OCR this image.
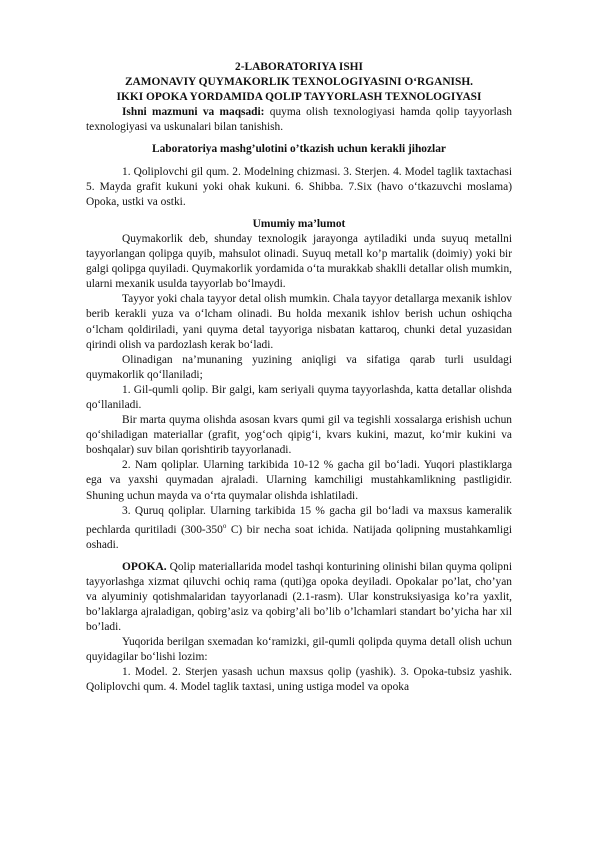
2-LABORATORIYA ISHI

ZAMONAVIY QUYMAKORLIK TEXNOLOGIYASINI O‘RGANISH.

IKKI OPOKA YORDAMIDA QOLIP TAYYORLASH TEXNOLOGIYASI

Ishni mazmuni va maqsadi: quyma olish texnologiyasi hamda qolip tayyorlash texnologiyasi va uskunalari bilan tanishish.

Laboratoriya mashg’ulotini o’tkazish uchun kerakli jihozlar

1. Qoliplovchi gil qum. 2. Modelning chizmasi. 3. Sterjen. 4. Model taglik taxtachasi 5. Mayda grafit kukuni yoki ohak kukuni. 6. Shibba. 7.Six (havo o‘tkazuvchi moslama) Opoka, ustki va ostki.

Umumiy ma’lumot

Quymakorlik deb, shunday texnologik jarayonga aytiladiki unda suyuq metallni tayyorlangan qolipga quyib, mahsulot olinadi. Suyuq metall ko’p martalik (doimiy) yoki bir galgi qolipga quyiladi. Quymakorlik yordamida o‘ta murakkab shaklli detallar olish mumkin, ularni mexanik usulda tayyorlab bo‘lmaydi.

Tayyor yoki chala tayyor detal olish mumkin. Chala tayyor detallarga mexanik ishlov berib kerakli yuza va o‘lcham olinadi. Bu holda mexanik ishlov berish uchun oshiqcha o‘lcham qoldiriladi, yani quyma detal tayyoriga nisbatan kattaroq, chunki detal yuzasidan qirindi olish va pardozlash kerak bo‘ladi.

Olinadigan na’munaning yuzining aniqligi va sifatiga qarab turli usuldagi quymakorlik qo‘llaniladi;

1. Gil-qumli qolip. Bir galgi, kam seriyali quyma tayyorlashda, katta detallar olishda qo‘llaniladi.

Bir marta quyma olishda asosan kvars qumi gil va tegishli xossalarga erishish uchun qo‘shiladigan materiallar (grafit, yog‘och qipig‘i, kvars kukini, mazut, ko‘mir kukini va boshqalar) suv bilan qorishtirib tayyorlanadi.

2. Nam qoliplar. Ularning tarkibida 10-12 % gacha gil bo‘ladi. Yuqori plastiklarga ega va yaxshi quymadan ajraladi. Ularning kamchiligi mustahkamlikning pastligidir. Shuning uchun mayda va o‘rta quymalar olishda ishlatiladi.

3. Quruq qoliplar. Ularning tarkibida 15 % gacha gil bo‘ladi va maxsus kameralik pechlarda quritiladi (300-350$^o$ C) bir necha soat ichida. Natijada qolipning mustahkamligi oshadi.

OPOKA. Qolip materiallarida model tashqi konturining olinishi bilan quyma qolipni tayyorlashga xizmat qiluvchi ochiq rama (quti)ga opoka deyiladi. Opokalar po’lat, cho’yan va alyuminiy qotishmalaridan tayyorlanadi (2.1-rasm). Ular konstruksiyasiga ko’ra yaxlit, bo’laklarga ajraladigan, qobirg’asiz va qobirg’ali bo’lib o’lchamlari standart bo’yicha har xil bo’ladi.

Yuqorida berilgan sxemadan ko‘ramizki, gil-qumli qolipda quyma detall olish uchun quyidagilar bo‘lishi lozim:

1. Model. 2. Sterjen yasash uchun maxsus qolip (yashik). 3. Opoka-tubsiz yashik. Qoliplovchi qum. 4. Model taglik taxtasi, uning ustiga model va opoka
